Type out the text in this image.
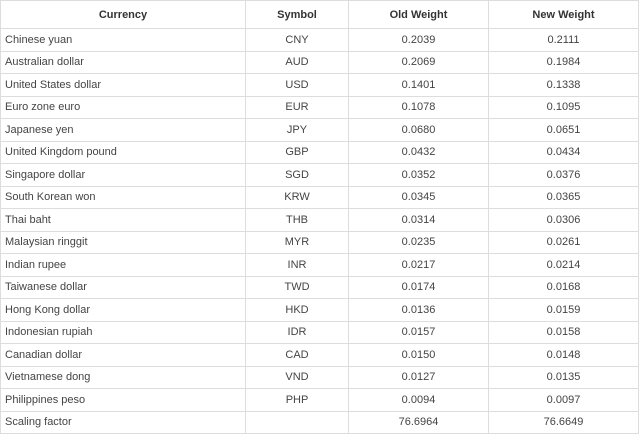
Currency	Symbol	Old Weight	New Weight
Chinese yuan	CNY	0.2039	0.2111
Australian dollar	AUD	0.2069	0.1984
United States dollar	USD	0.1401	0.1338
Euro zone euro	EUR	0.1078	0.1095
Japanese yen	JPY	0.0680	0.0651
United Kingdom pound	GBP	0.0432	0.0434
Singapore dollar	SGD	0.0352	0.0376
South Korean won	KRW	0.0345	0.0365
Thai baht	THB	0.0314	0.0306
Malaysian ringgit	MYR	0.0235	0.0261
Indian rupee	INR	0.0217	0.0214
Taiwanese dollar	TWD	0.0174	0.0168
Hong Kong dollar	HKD	0.0136	0.0159
Indonesian rupiah	IDR	0.0157	0.0158
Canadian dollar	CAD	0.0150	0.0148
Vietnamese dong	VND	0.0127	0.0135
Philippines peso	PHP	0.0094	0.0097
Scaling factor		76.6964	76.6649
